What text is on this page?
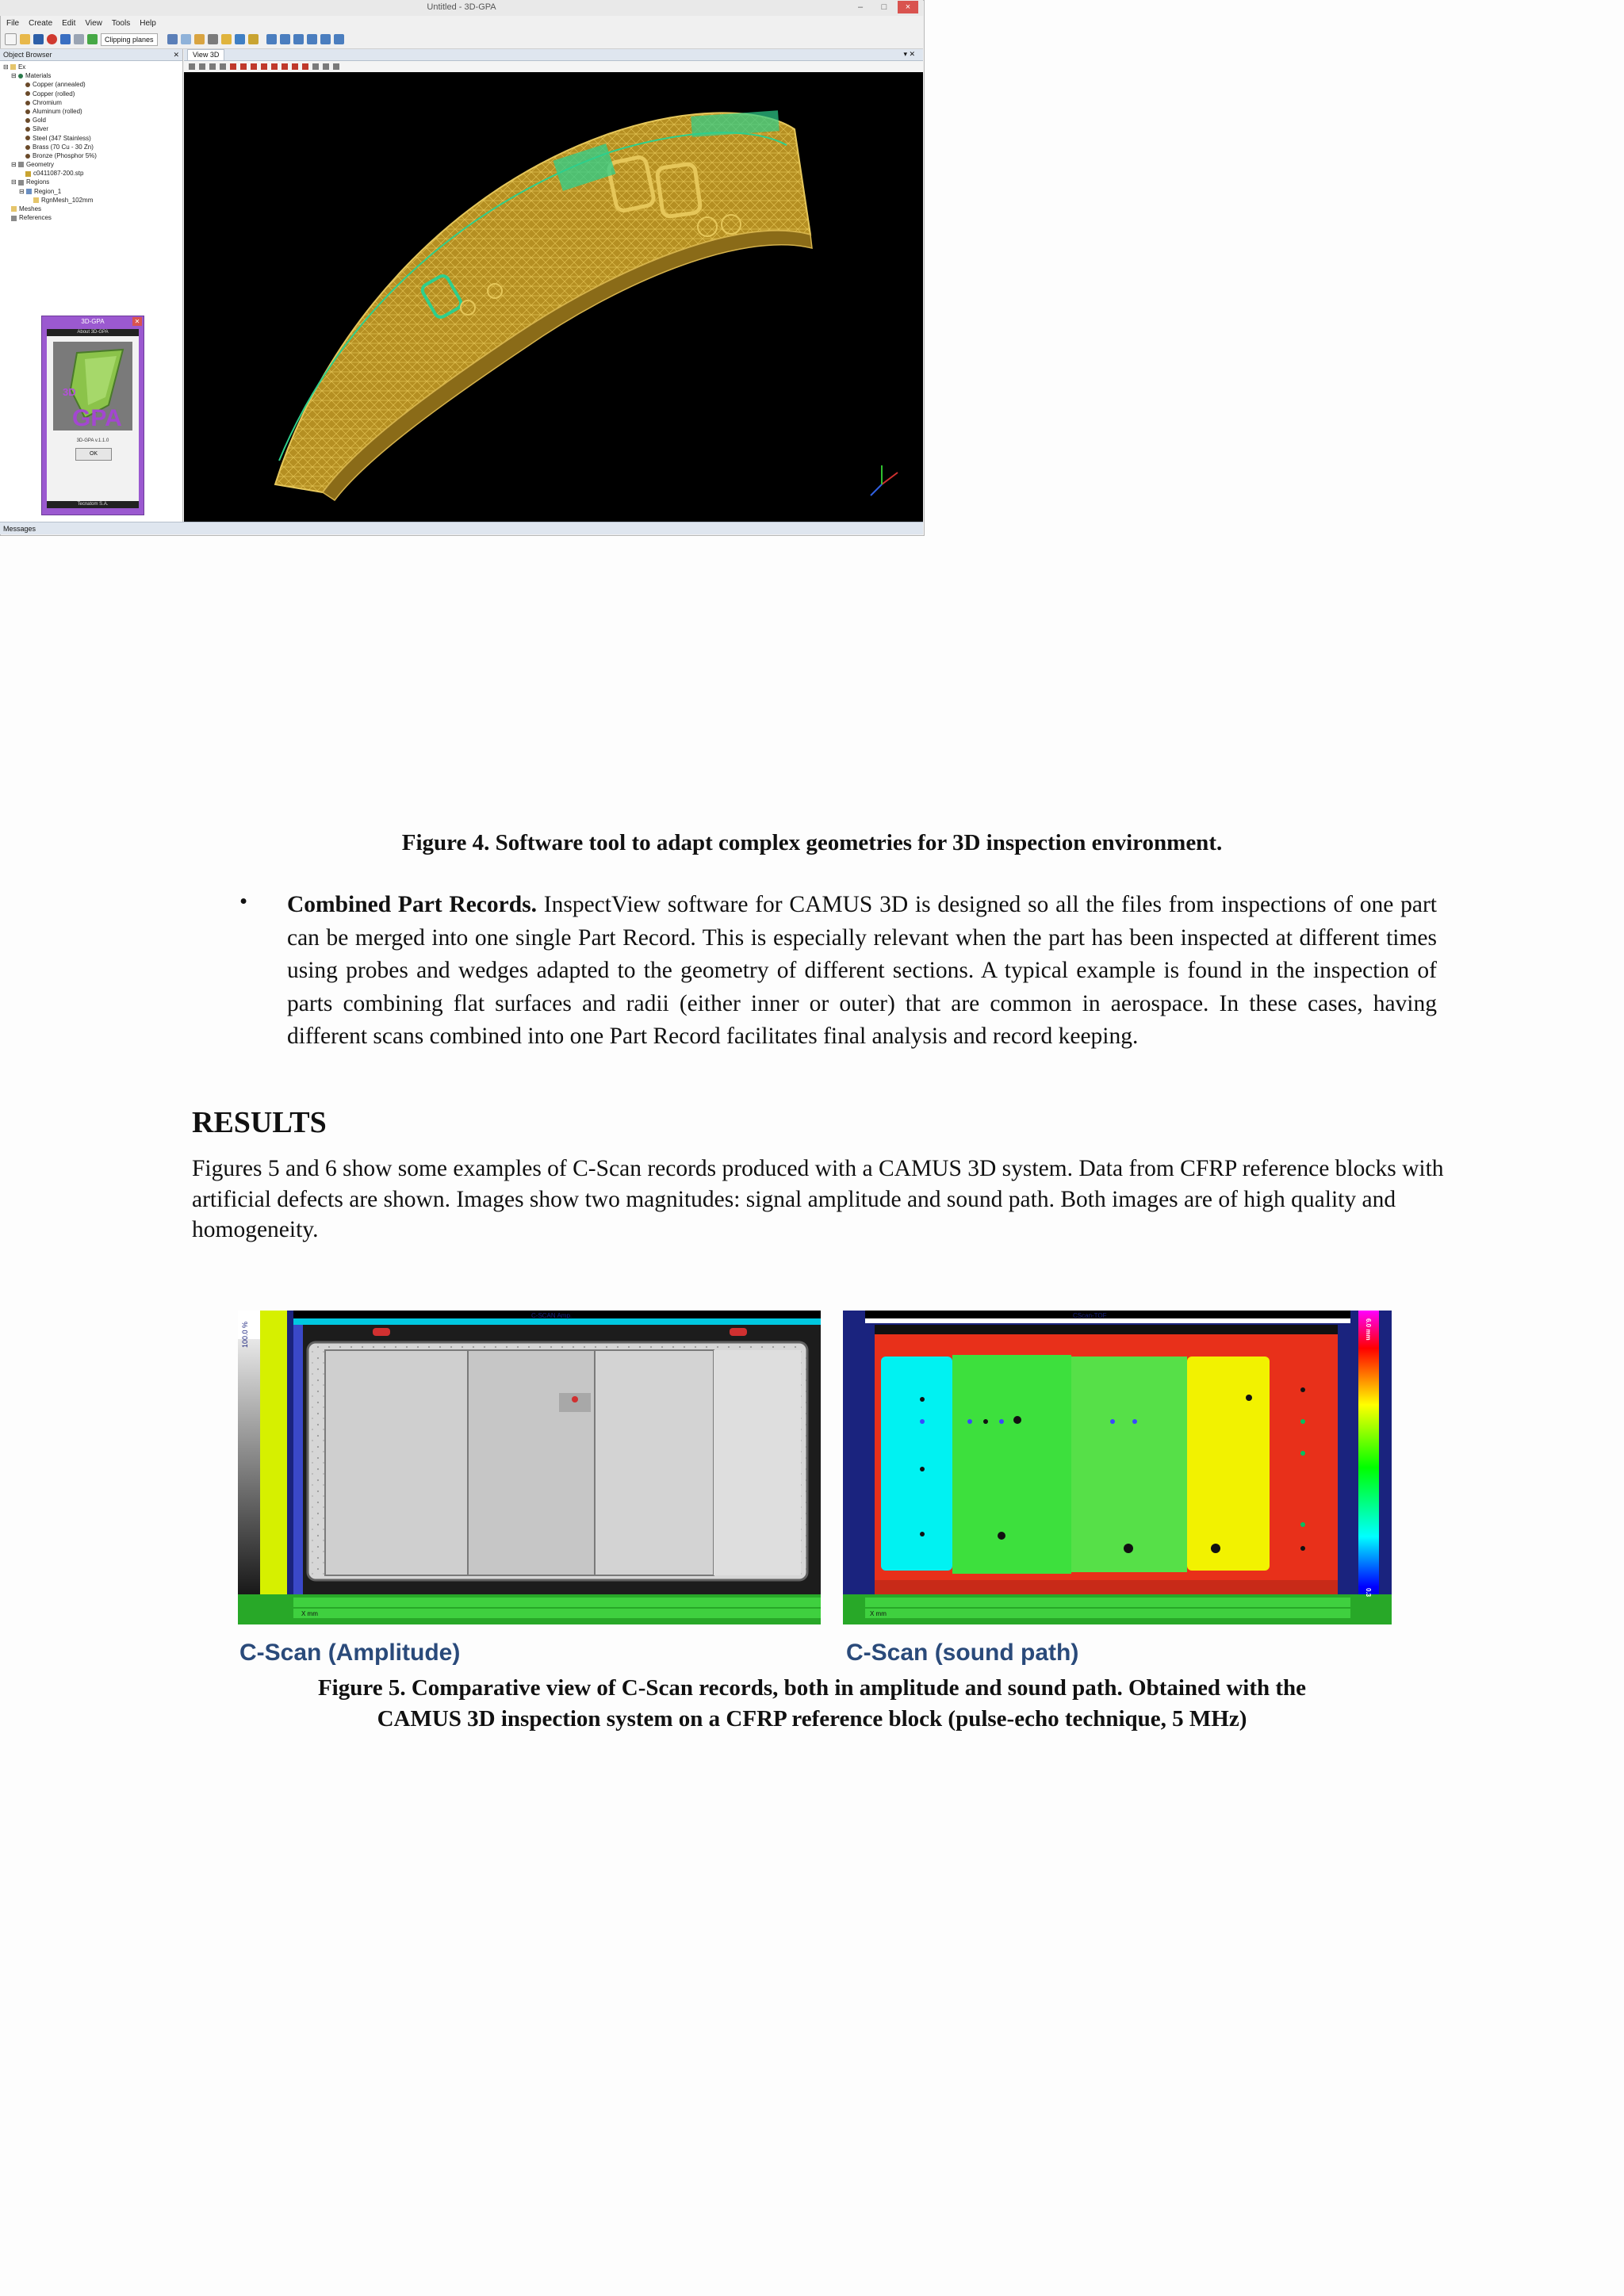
Untitled - 3D-GPA	–	□	×
File Create Edit View Tools Help
Clipping planes
Object Browser	✕
⊟ Ex
⊟ Materials
Copper (annealed)
Copper (rolled)
Chromium
Aluminum (rolled)
Gold
Silver
Steel (347 Stainless)
Brass (70 Cu - 30 Zn)
Bronze (Phosphor 5%)
⊟ Geometry
c0411087-200.stp
⊟ Regions
⊟ Region_1
RgnMesh_102mm
Meshes
References
3D-GPA	✕
About 3D-GPA
3D
GPA
3D-GPA v.1.1.0
OK
Tecnatom S.A.
View 3D	▾ ✕
Messages
Figure 4. Software tool to adapt complex geometries for 3D inspection environment.
•	Combined Part Records. InspectView software for CAMUS 3D is designed so all the files from inspections of one part can be merged into one single Part Record. This is especially relevant when the part has been inspected at different times using probes and wedges adapted to the geometry of different sections. A typical example is found in the inspection of parts combining flat surfaces and radii (either inner or outer) that are common in aerospace. In these cases, having different scans combined into one Part Record facilitates final analysis and record keeping.
RESULTS
Figures 5 and 6 show some examples of C-Scan records produced with a CAMUS 3D system. Data from CFRP reference blocks with artificial defects are shown. Images show two magnitudes: signal amplitude and sound path. Both images are of high quality and homogeneity.
100.0 %
C-SCAN Amp.
X mm
CScan-TOF
6.0 mm
0.3
X mm
C-Scan (Amplitude)	C-Scan (sound path)
Figure 5. Comparative view of C-Scan records, both in amplitude and sound path. Obtained with the
CAMUS 3D inspection system on a CFRP reference block (pulse-echo technique, 5 MHz)
